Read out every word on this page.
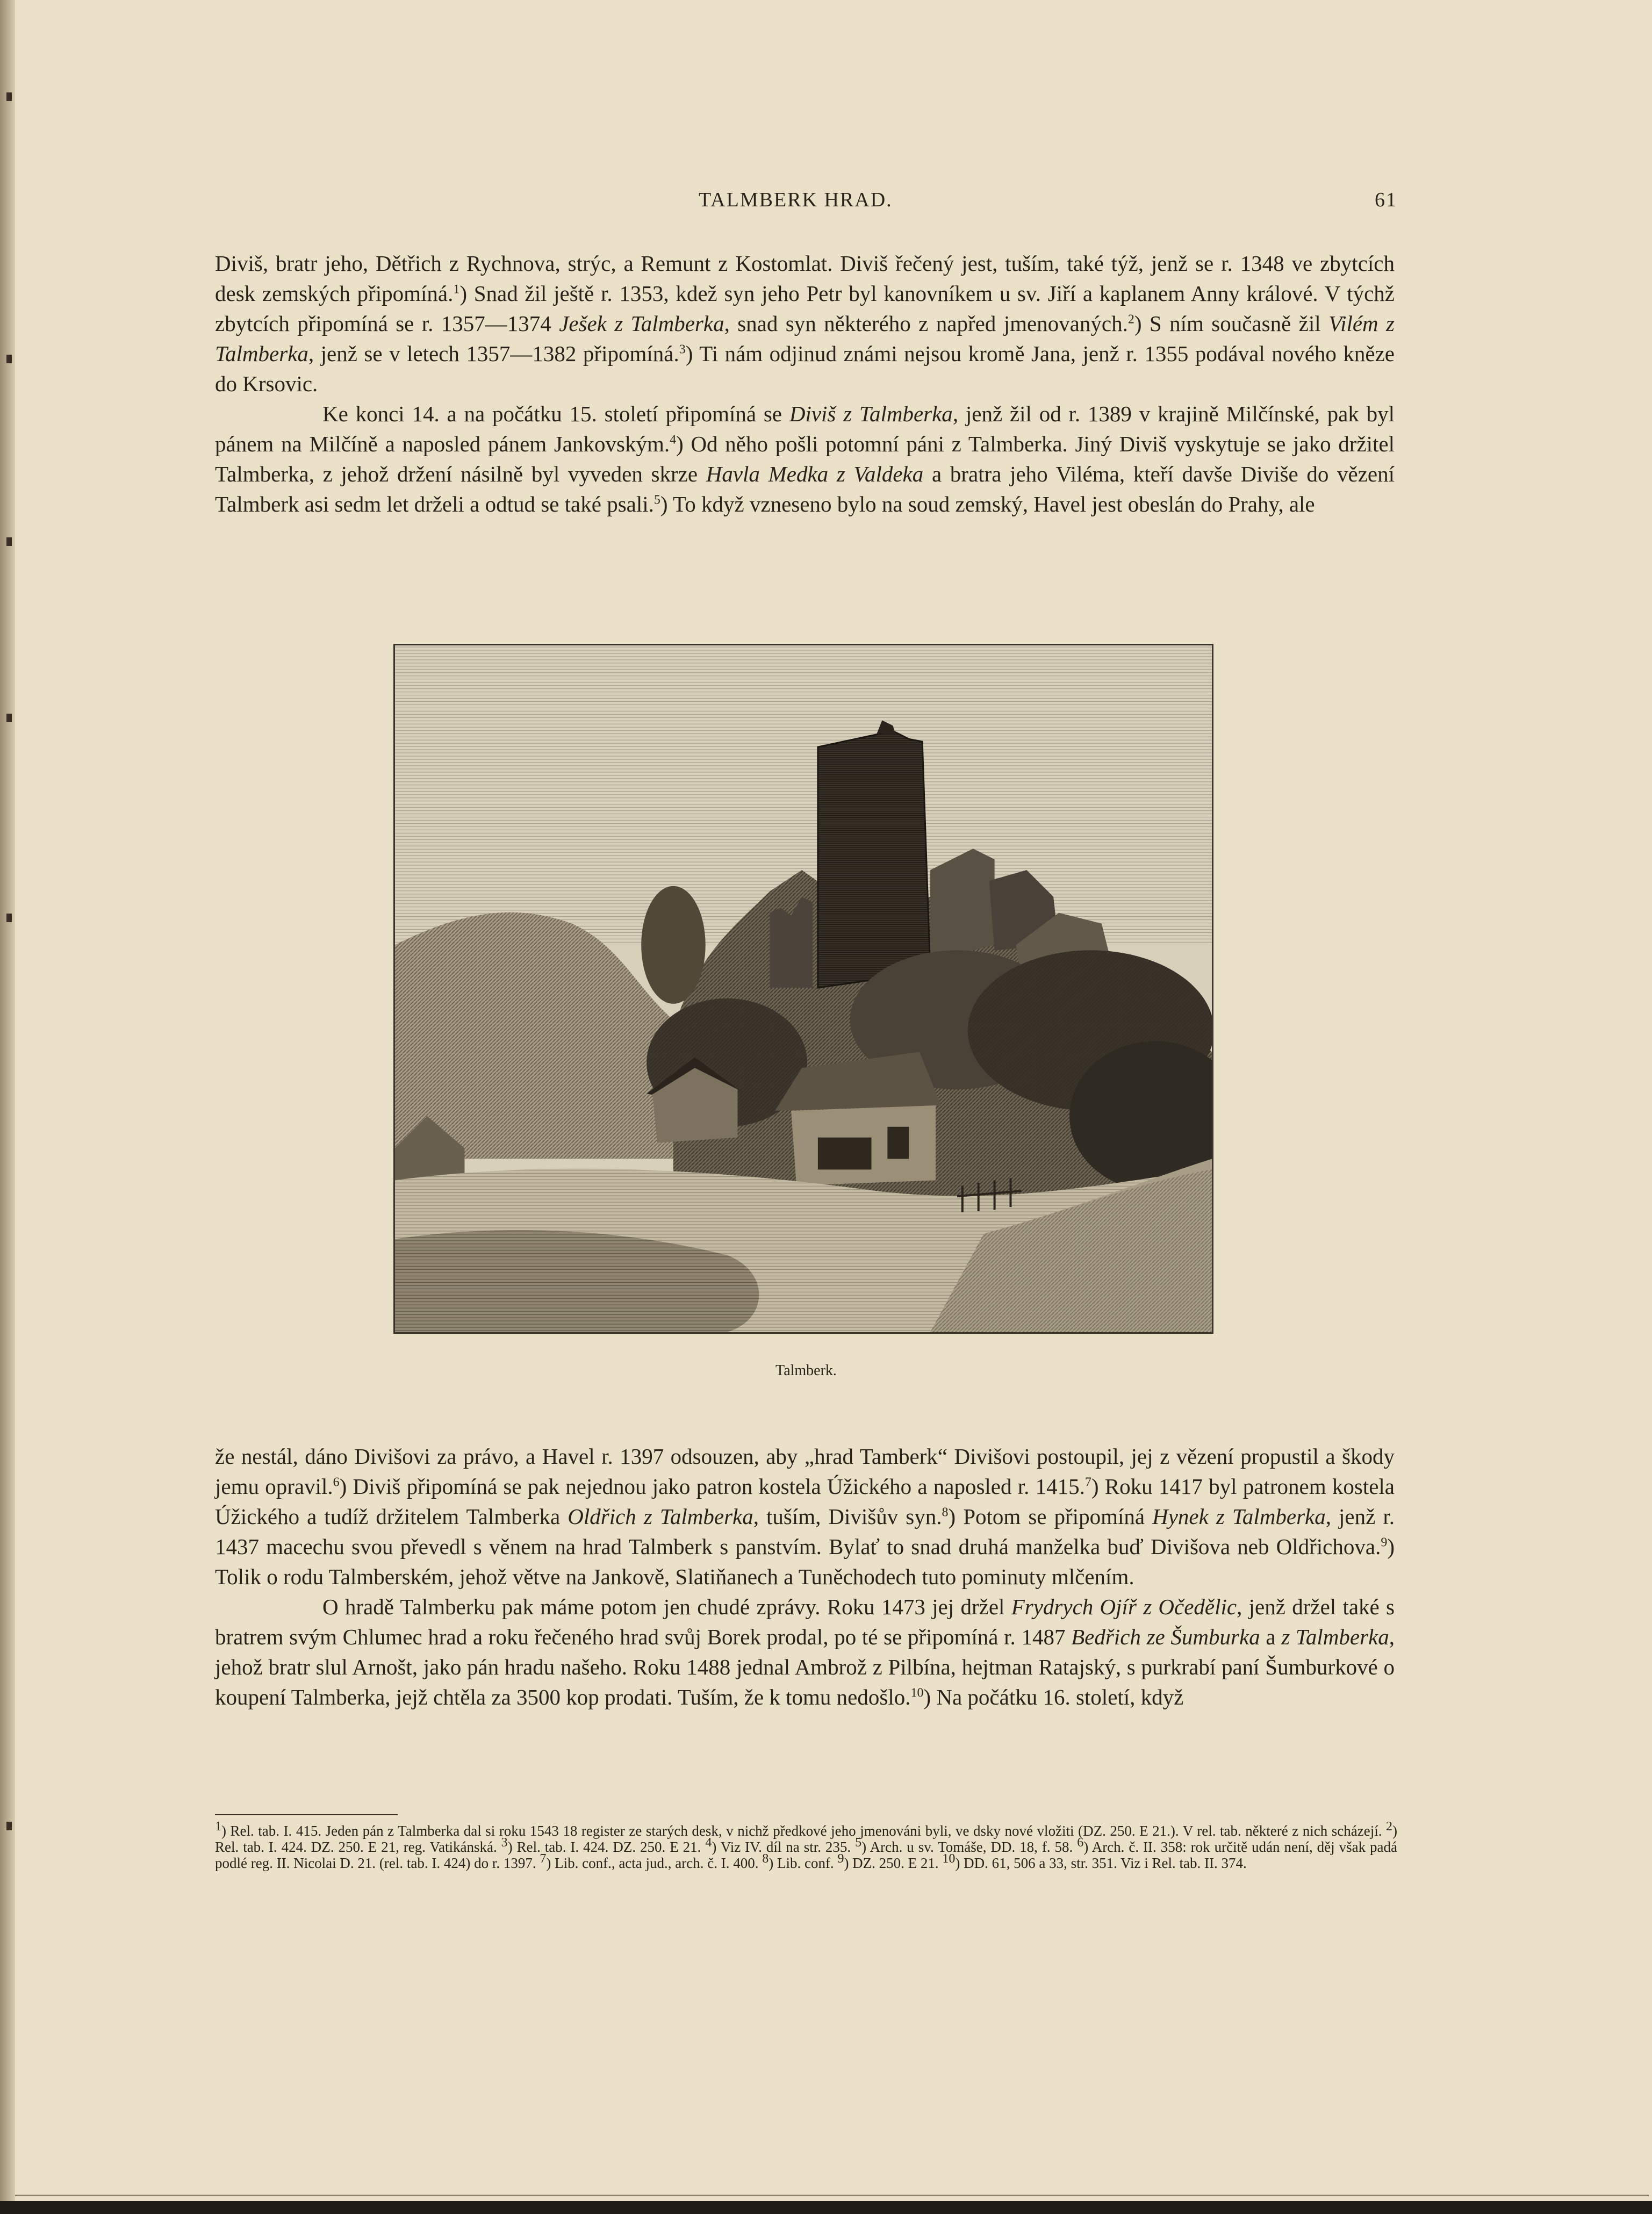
TALMBERK HRAD.	61

Diviš, bratr jeho, Dětřich z Rychnova, strýc, a Remunt z Kostomlat. Diviš řečený jest, tuším, také týž, jenž se r. 1348 ve zbytcích desk zemských připomíná.$^1$) Snad žil ještě r. 1353, kdež syn jeho Petr byl kanovníkem u sv. Jiří a kaplanem Anny králové. V týchž zbytcích připomíná se r. 1357—1374 Ješek z Talmberka, snad syn některého z napřed jmenovaných.$^2$) S ním současně žil Vilém z Talmberka, jenž se v letech 1357—1382 připomíná.$^3$) Ti nám odjinud známi nejsou kromě Jana, jenž r. 1355 podával nového kněze do Krsovic.

Ke konci 14. a na počátku 15. století připomíná se Diviš z Talmberka, jenž žil od r. 1389 v krajině Milčínské, pak byl pánem na Milčíně a naposled pánem Jankovským.$^4$) Od něho pošli potomní páni z Talmberka. Jiný Diviš vyskytuje se jako držitel Talmberka, z jehož držení násilně byl vyveden skrze Havla Medka z Valdeka a bratra jeho Viléma, kteří davše Diviše do vězení Talmberk asi sedm let drželi a odtud se také psali.$^5$) To když vzneseno bylo na soud zemský, Havel jest obeslán do Prahy, ale

Talmberk.

že nestál, dáno Divišovi za právo, a Havel r. 1397 odsouzen, aby „hrad Tamberk“ Divišovi postoupil, jej z vězení propustil a škody jemu opravil.$^6$) Diviš připomíná se pak nejednou jako patron kostela Úžického a naposled r. 1415.$^7$) Roku 1417 byl patronem kostela Úžického a tudíž držitelem Talmberka Oldřich z Talmberka, tuším, Divišův syn.$^8$) Potom se připomíná Hynek z Talmberka, jenž r. 1437 macechu svou převedl s věnem na hrad Talmberk s panstvím. Bylať to snad druhá manželka buď Divišova neb Oldřichova.$^9$) Tolik o rodu Talmberském, jehož větve na Jankově, Slatiňanech a Tuněchodech tuto pominuty mlčením.

O hradě Talmberku pak máme potom jen chudé zprávy. Roku 1473 jej držel Frydrych Ojíř z Očedělic, jenž držel také s bratrem svým Chlumec hrad a roku řečeného hrad svůj Borek prodal, po té se připomíná r. 1487 Bedřich ze Šumburka a z Talmberka, jehož bratr slul Arnošt, jako pán hradu našeho. Roku 1488 jednal Ambrož z Pilbína, hejtman Ratajský, s purkrabí paní Šumburkové o koupení Talmberka, jejž chtěla za 3500 kop prodati. Tuším, že k tomu nedošlo.$^{10}$) Na počátku 16. století, když

$^1$) Rel. tab. I. 415. Jeden pán z Talmberka dal si roku 1543 18 register ze starých desk, v nichž předkové jeho jmenováni byli, ve dsky nové vložiti (DZ. 250. E 21.). V rel. tab. některé z nich scházejí. $^2$) Rel. tab. I. 424. DZ. 250. E 21, reg. Vatikánská. $^3$) Rel. tab. I. 424. DZ. 250. E 21. $^4$) Viz IV. díl na str. 235. $^5$) Arch. u sv. Tomáše, DD. 18, f. 58. $^6$) Arch. č. II. 358: rok určitě udán není, děj však padá podlé reg. II. Nicolai D. 21. (rel. tab. I. 424) do r. 1397. $^7$) Lib. conf., acta jud., arch. č. I. 400. $^8$) Lib. conf. $^9$) DZ. 250. E 21. $^{10}$) DD. 61, 506 a 33, str. 351. Viz i Rel. tab. II. 374.
